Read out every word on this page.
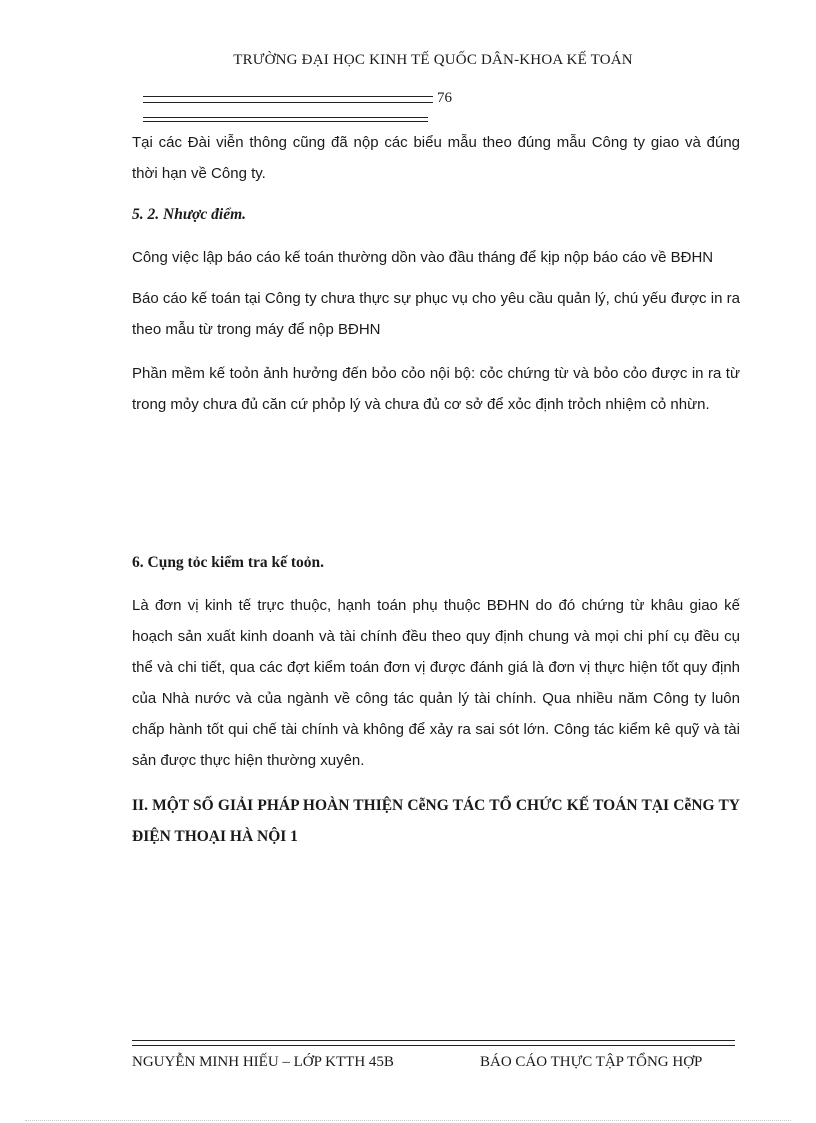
TRƯỜNG ĐẠI HỌC KINH TẾ QUỐC DÂN-KHOA KẾ TOÁN
76

Tại các Đài viễn thông cũng đã nộp các biểu mẫu theo đúng mẫu Công ty giao và đúng thời hạn về Công ty.

5. 2. Nhược điểm.

Công việc lập báo cáo kế toán thường dồn vào đầu tháng để kịp nộp báo cáo về BĐHN

Báo cáo kế toán tại Công ty chưa thực sự phục vụ cho yêu cầu quản lý, chú yếu được in ra theo mẫu từ trong máy để nộp BĐHN

Phần mềm kế toỏn ảnh hưởng đến bỏo cỏo nội bộ: cỏc chứng từ và bỏo cỏo được in ra từ trong mỏy chưa đủ căn cứ phỏp lý và chưa đủ cơ sở để xỏc định trỏch nhiệm cỏ nhừn.

6. Cụng tỏc kiểm tra kế toỏn.

Là đơn vị kinh tế trực thuộc, hạnh toán phụ thuộc BĐHN do đó chứng từ khâu giao kế hoạch sản xuất kinh doanh và tài chính đều theo quy định chung và mọi chi phí cụ đều cụ thể và chi tiết, qua các đợt kiểm toán đơn vị được đánh giá là đơn vị thực hiện tốt quy định của Nhà nước và của ngành về công tác quản lý tài chính. Qua nhiều năm Công ty luôn chấp hành tốt qui chế tài chính và không để xảy ra sai sót lớn. Công tác kiểm kê quỹ và tài sản được thực hiện thường xuyên.

II. MỘT SỐ GIẢI PHÁP HOÀN THIỆN CễNG TÁC TỔ CHỨC KẾ TOÁN TẠI CễNG TY ĐIỆN THOẠI HÀ NỘI 1

NGUYỄN MINH HIẾU – LỚP KTTH 45B	BÁO CÁO THỰC TẬP TỔNG HỢP
